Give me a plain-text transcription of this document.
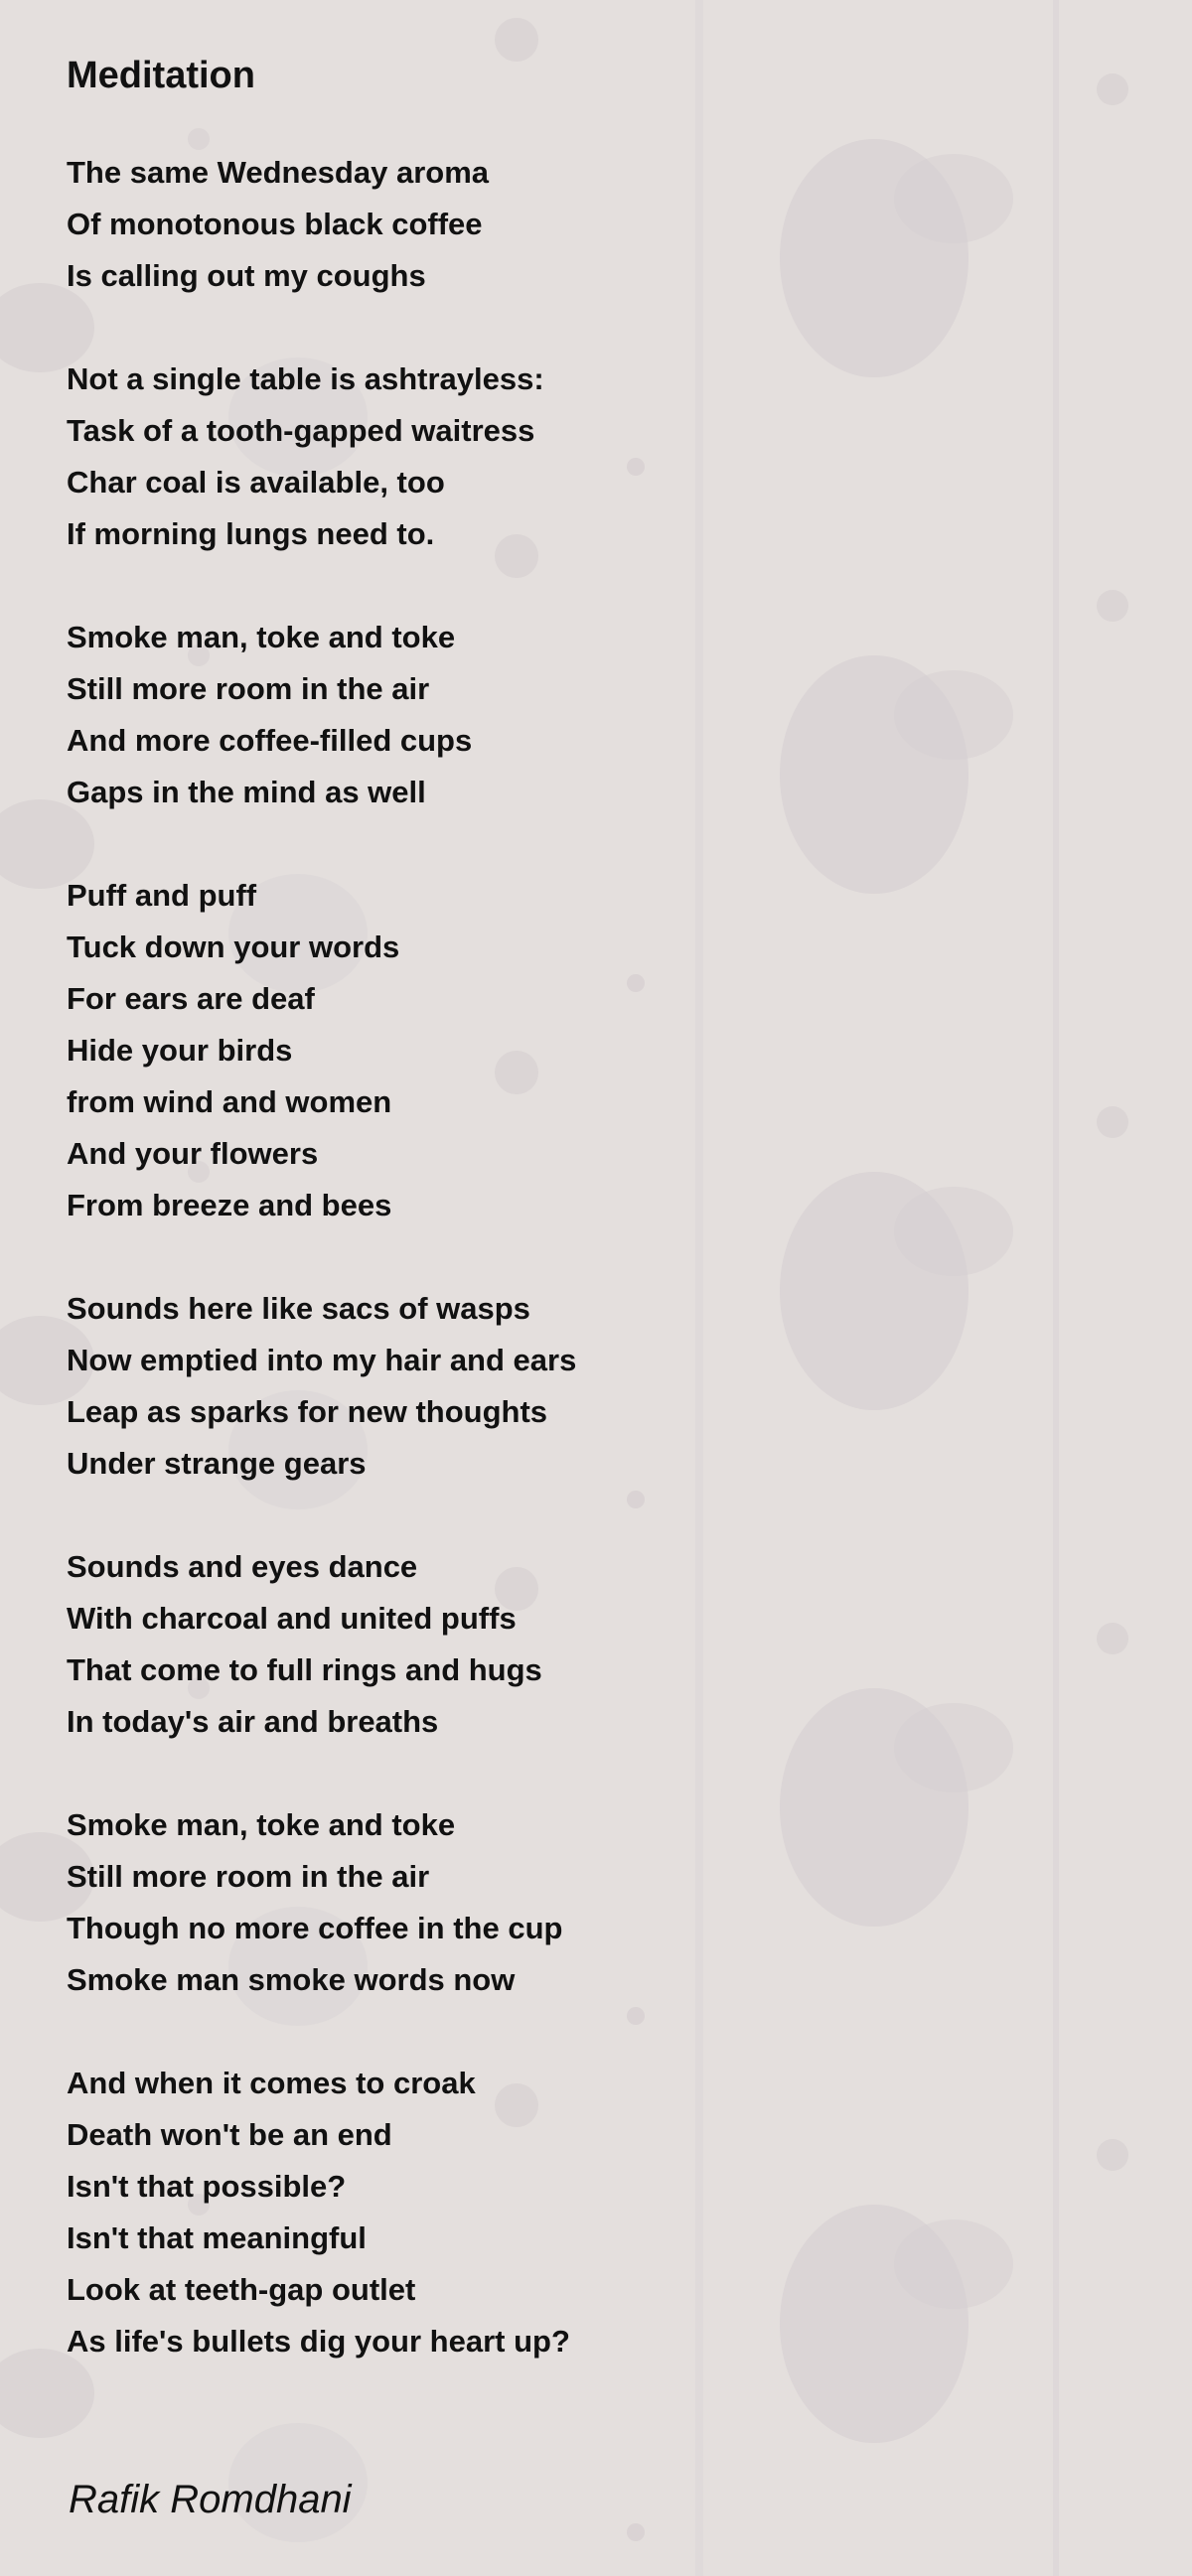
Meditation
The same Wednesday aroma
Of monotonous black coffee
Is calling out my coughs
Not a single table is ashtrayless:
Task of a tooth-gapped waitress
Char coal is available, too
If morning lungs need to.
Smoke man, toke and toke
Still more room in the air
And more coffee-filled cups
Gaps in the mind as well
Puff and puff
Tuck down your words
For ears are deaf
Hide your birds
from wind and women
And your flowers
From breeze and bees
Sounds here like sacs of wasps
Now emptied into my hair and ears
Leap as sparks for new thoughts
Under strange gears
Sounds and eyes dance
With charcoal and united puffs
That come to full rings and hugs
In today's air and breaths
Smoke man, toke and toke
Still more room in the air
Though no more coffee in the cup
Smoke man smoke words now
And when it comes to croak
Death won't be an end
Isn't that possible?
Isn't that meaningful
Look at teeth-gap outlet
As life's bullets dig your heart up?
Rafik Romdhani
